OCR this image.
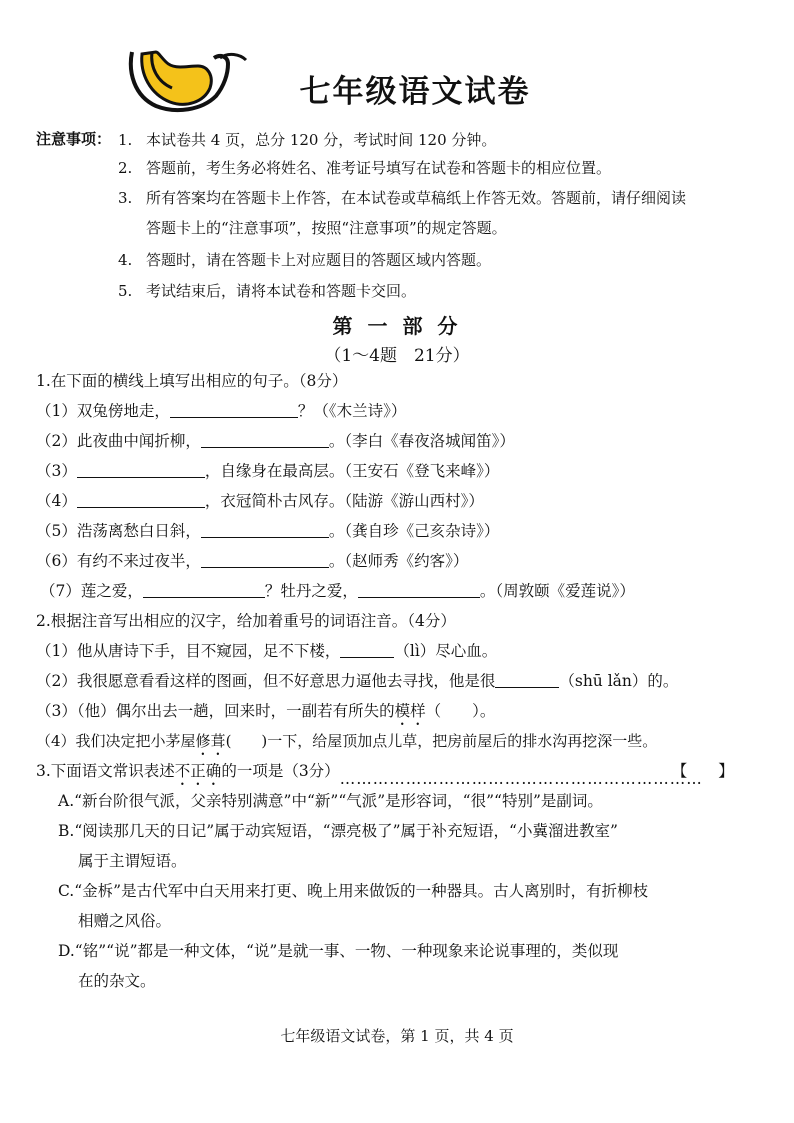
七年级语文试卷
注意事项： 1. 本试卷共 4 页，总分 120 分，考试时间 120 分钟。
2. 答题前，考生务必将姓名、准考证号填写在试卷和答题卡的相应位置。
3. 所有答案均在答题卡上作答，在本试卷或草稿纸上作答无效。答题前，请仔细阅读
答题卡上的“注意事项”，按照“注意事项”的规定答题。
4. 答题时，请在答题卡上对应题目的答题区域内答题。
5. 考试结束后，请将本试卷和答题卡交回。
第 一 部 分
（1～4题　21分）
1.在下面的横线上填写出相应的句子。（8分）
（1）双兔傍地走，	？（《木兰诗》）
（2）此夜曲中闻折柳，	。（李白《春夜洛城闻笛》）
（3）	，自缘身在最高层。（王安石《登飞来峰》）
（4）	，衣冠简朴古风存。（陆游《游山西村》）
（5）浩荡离愁白日斜，	。（龚自珍《己亥杂诗》）
（6）有约不来过夜半，	。（赵师秀《约客》）
（7）莲之爱，	？牡丹之爱，	。（周敦颐《爱莲说》）
2.根据注音写出相应的汉字，给加着重号的词语注音。（4分）
（1）他从唐诗下手，目不窥园，足不下楼，	（lì）尽心血。
（2）我很愿意看看这样的图画，但不好意思力逼他去寻找，他是很	（shū lǎn）的。
（3）（他）偶尔出去一趟，回来时，一副若有所失的模样（　　）。
（4）我们决定把小茅屋修葺(　　)一下，给屋顶加点儿草，把房前屋后的排水沟再挖深一些。
3.下面语文常识表述不正确的一项是（3分）…………………………………………………………【　　】
A.“新台阶很气派，父亲特别满意”中“新”“气派”是形容词，“很”“特别”是副词。
B.“阅读那几天的日记”属于动宾短语，“漂亮极了”属于补充短语，“小冀溜进教室”
属于主谓短语。
C.“金柝”是古代军中白天用来打更、晚上用来做饭的一种器具。古人离别时，有折柳枝
相赠之风俗。
D.“铭”“说”都是一种文体，“说”是就一事、一物、一种现象来论说事理的，类似现
在的杂文。
七年级语文试卷，第 1 页，共 4 页
